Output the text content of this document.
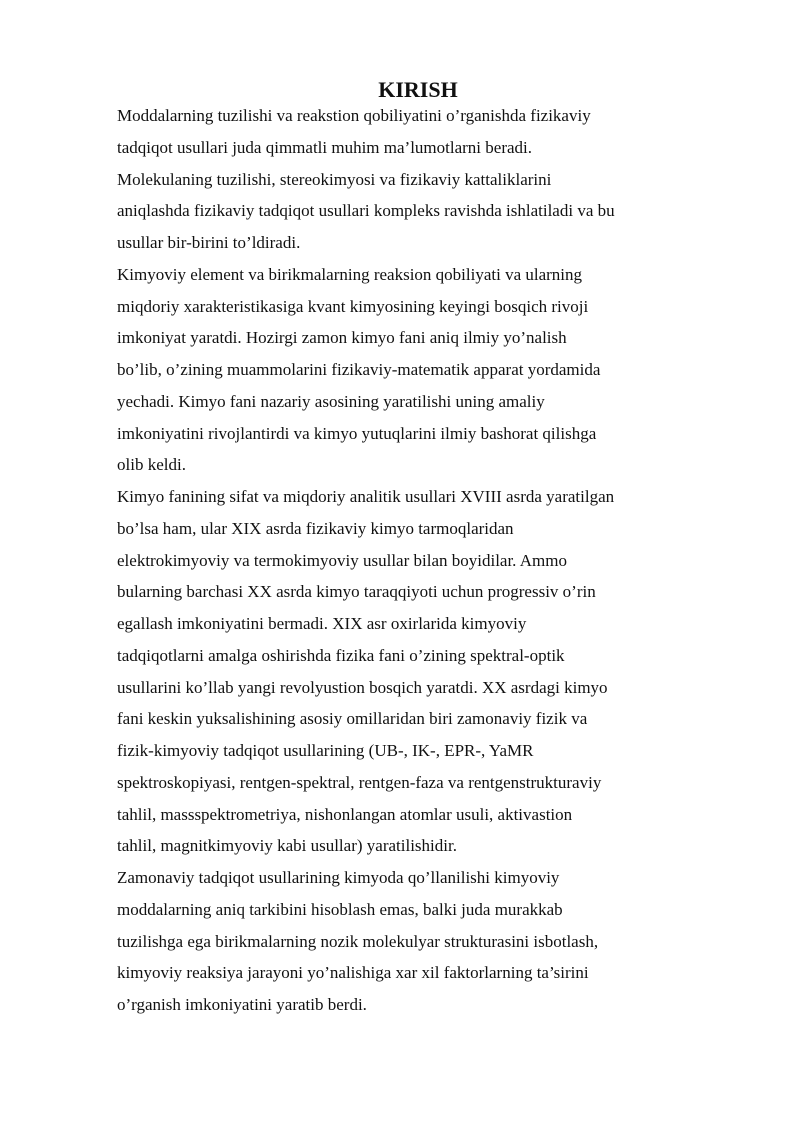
KIRISH
Moddalarning tuzilishi va reakstion qobiliyatini o’rganishda fizikaviy
tadqiqot usullari juda qimmatli muhim ma’lumotlarni beradi.
Molekulaning tuzilishi, stereokimyosi va fizikaviy kattaliklarini
aniqlashda fizikaviy tadqiqot usullari kompleks ravishda ishlatiladi va bu
usullar bir-birini to’ldiradi.
Kimyoviy element va birikmalarning reaksion qobiliyati va ularning
miqdoriy xarakteristikasiga kvant kimyosining keyingi bosqich rivoji
imkoniyat yaratdi. Hozirgi zamon kimyo fani aniq ilmiy yo’nalish
bo’lib, o’zining muammolarini fizikaviy-matematik apparat yordamida
yechadi. Kimyo fani nazariy asosining yaratilishi uning amaliy
imkoniyatini rivojlantirdi va kimyo yutuqlarini ilmiy bashorat qilishga
olib keldi.
Kimyo fanining sifat va miqdoriy analitik usullari XVIII asrda yaratilgan
bo’lsa ham, ular XIX asrda fizikaviy kimyo tarmoqlaridan
elektrokimyoviy va termokimyoviy usullar bilan boyidilar. Ammo
bularning barchasi XX asrda kimyo taraqqiyoti uchun progressiv o’rin
egallash imkoniyatini bermadi. XIX asr oxirlarida kimyoviy
tadqiqotlarni amalga oshirishda fizika fani o’zining spektral-optik
usullarini ko’llab yangi revolyustion bosqich yaratdi. XX asrdagi kimyo
fani keskin yuksalishining asosiy omillaridan biri zamonaviy fizik va
fizik-kimyoviy tadqiqot usullarining (UB-, IK-, EPR-, YaMR
spektroskopiyasi, rentgen-spektral, rentgen-faza va rentgenstrukturaviy
tahlil, massspektrometriya, nishonlangan atomlar usuli, aktivastion
tahlil, magnitkimyoviy kabi usullar) yaratilishidir.
Zamonaviy tadqiqot usullarining kimyoda qo’llanilishi kimyoviy
moddalarning aniq tarkibini hisoblash emas, balki juda murakkab
tuzilishga ega birikmalarning nozik molekulyar strukturasini isbotlash,
kimyoviy reaksiya jarayoni yo’nalishiga xar xil faktorlarning ta’sirini
o’rganish imkoniyatini yaratib berdi.
